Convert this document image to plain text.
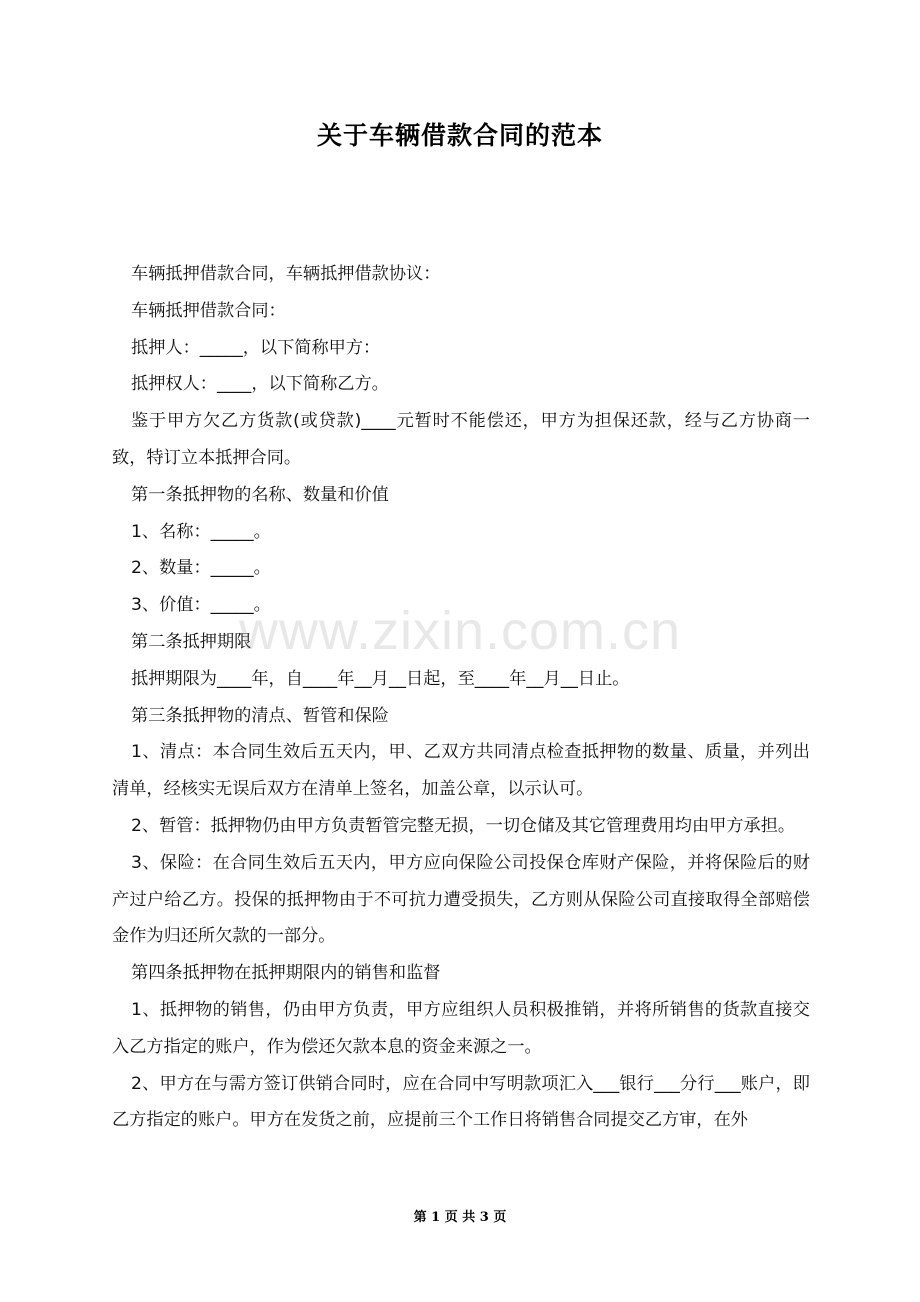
关于车辆借款合同的范本

车辆抵押借款合同，车辆抵押借款协议：

车辆抵押借款合同：

抵押人：_____，以下简称甲方：

抵押权人：____，以下简称乙方。

鉴于甲方欠乙方货款(或贷款)____元暂时不能偿还，甲方为担保还款，经与乙方协商一致，特订立本抵押合同。

第一条抵押物的名称、数量和价值

1、名称：_____。

2、数量：_____。

3、价值：_____。

第二条抵押期限

抵押期限为____年，自____年__月__日起，至____年__月__日止。

第三条抵押物的清点、暂管和保险

1、清点：本合同生效后五天内，甲、乙双方共同清点检查抵押物的数量、质量，并列出清单，经核实无误后双方在清单上签名，加盖公章，以示认可。

2、暂管：抵押物仍由甲方负责暂管完整无损，一切仓储及其它管理费用均由甲方承担。

3、保险：在合同生效后五天内，甲方应向保险公司投保仓库财产保险，并将保险后的财产过户给乙方。投保的抵押物由于不可抗力遭受损失，乙方则从保险公司直接取得全部赔偿金作为归还所欠款的一部分。

第四条抵押物在抵押期限内的销售和监督

1、抵押物的销售，仍由甲方负责，甲方应组织人员积极推销，并将所销售的货款直接交入乙方指定的账户，作为偿还欠款本息的资金来源之一。

2、甲方在与需方签订供销合同时，应在合同中写明款项汇入___银行___分行___账户，即乙方指定的账户。甲方在发货之前，应提前三个工作日将销售合同提交乙方审，在外

www.zixin.com.cn
第 1 页 共 3 页
